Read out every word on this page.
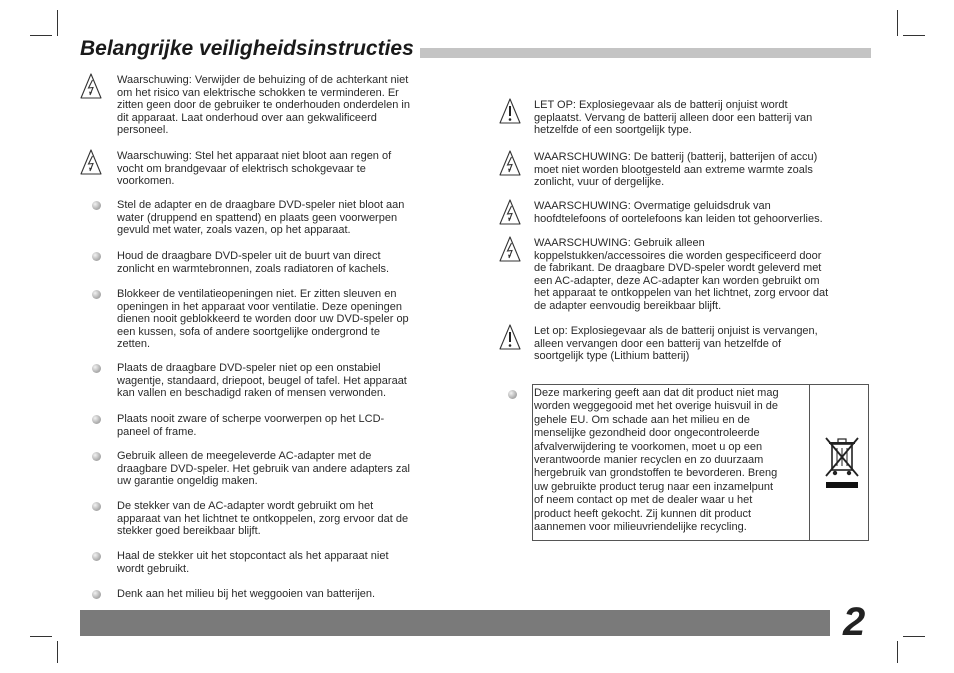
Belangrijke veiligheidsinstructies
Waarschuwing: Verwijder de behuizing of de achterkant niet
om het risico van elektrische schokken te verminderen. Er
zitten geen door de gebruiker te onderhouden onderdelen in
dit apparaat. Laat onderhoud over aan gekwalificeerd
personeel.
Waarschuwing: Stel het apparaat niet bloot aan regen of
vocht om brandgevaar of elektrisch schokgevaar te
voorkomen.
Stel de adapter en de draagbare DVD-speler niet bloot aan
water (druppend en spattend) en plaats geen voorwerpen
gevuld met water, zoals vazen, op het apparaat.
Houd de draagbare DVD-speler uit de buurt van direct
zonlicht en warmtebronnen, zoals radiatoren of kachels.
Blokkeer de ventilatieopeningen niet. Er zitten sleuven en
openingen in het apparaat voor ventilatie. Deze openingen
dienen nooit geblokkeerd te worden door uw DVD-speler op
een kussen, sofa of andere soortgelijke ondergrond te
zetten.
Plaats de draagbare DVD-speler niet op een onstabiel
wagentje, standaard, driepoot, beugel of tafel. Het apparaat
kan vallen en beschadigd raken of mensen verwonden.
Plaats nooit zware of scherpe voorwerpen op het LCD-
paneel of frame.
Gebruik alleen de meegeleverde AC-adapter met de
draagbare DVD-speler. Het gebruik van andere adapters zal
uw garantie ongeldig maken.
De stekker van de AC-adapter wordt gebruikt om het
apparaat van het lichtnet te ontkoppelen, zorg ervoor dat de
stekker goed bereikbaar blijft.
Haal de stekker uit het stopcontact als het apparaat niet
wordt gebruikt.
Denk aan het milieu bij het weggooien van batterijen.
LET OP: Explosiegevaar als de batterij onjuist wordt
geplaatst. Vervang de batterij alleen door een batterij van
hetzelfde of een soortgelijk type.
WAARSCHUWING: De batterij (batterij, batterijen of accu)
moet niet worden blootgesteld aan extreme warmte zoals
zonlicht, vuur of dergelijke.
WAARSCHUWING: Overmatige geluidsdruk van
hoofdtelefoons of oortelefoons kan leiden tot gehoorverlies.
WAARSCHUWING: Gebruik alleen
koppelstukken/accessoires die worden gespecificeerd door
de fabrikant. De draagbare DVD-speler wordt geleverd met
een AC-adapter, deze AC-adapter kan worden gebruikt om
het apparaat te ontkoppelen van het lichtnet, zorg ervoor dat
de adapter eenvoudig bereikbaar blijft.
Let op: Explosiegevaar als de batterij onjuist is vervangen,
alleen vervangen door een batterij van hetzelfde of
soortgelijk type (Lithium batterij)
Deze markering geeft aan dat dit product niet mag
worden weggegooid met het overige huisvuil in de
gehele EU. Om schade aan het milieu en de
menselijke gezondheid door ongecontroleerde
afvalverwijdering te voorkomen, moet u op een
verantwoorde manier recyclen en zo duurzaam
hergebruik van grondstoffen te bevorderen. Breng
uw gebruikte product terug naar een inzamelpunt
of neem contact op met de dealer waar u het
product heeft gekocht. Zij kunnen dit product
aannemen voor milieuvriendelijke recycling.
2
